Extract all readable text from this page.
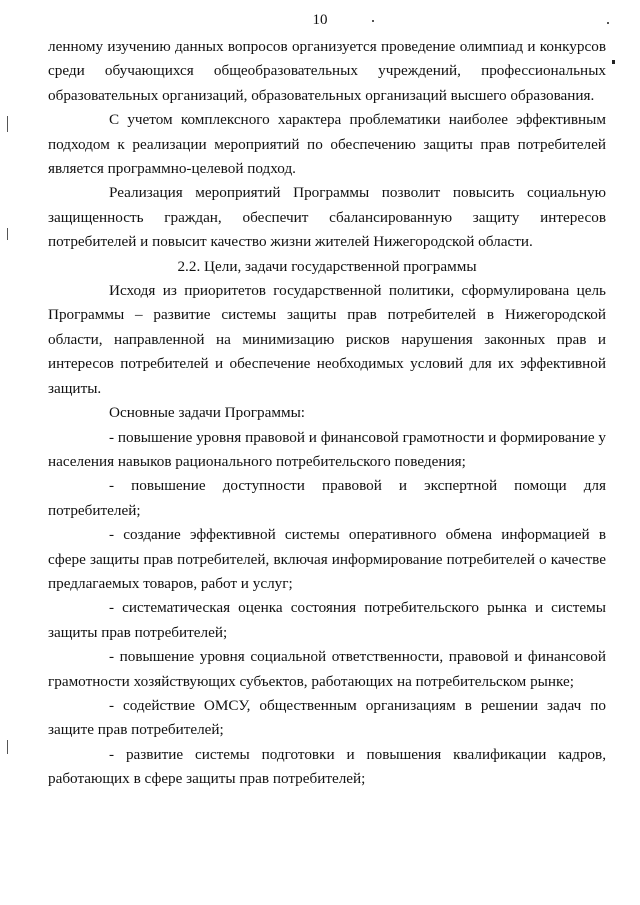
10

ленному изучению данных вопросов организуется проведение олимпиад и конкурсов среди обучающихся общеобразовательных учреждений, профессиональных образовательных организаций, образовательных организаций высшего образования.

С учетом комплексного характера проблематики наиболее эффективным подходом к реализации мероприятий по обеспечению защиты прав потребителей является программно-целевой подход.

Реализация мероприятий Программы позволит повысить социальную защищенность граждан, обеспечит сбалансированную защиту интересов потребителей и повысит качество жизни жителей Нижегородской области.

2.2. Цели, задачи государственной программы

Исходя из приоритетов государственной политики, сформулирована цель Программы – развитие системы защиты прав потребителей в Нижегородской области, направленной на минимизацию рисков нарушения законных прав и интересов потребителей и обеспечение необходимых условий для их эффективной защиты.

Основные задачи Программы:

- повышение уровня правовой и финансовой грамотности и формирование у населения навыков рационального потребительского поведения;

- повышение доступности правовой и экспертной помощи для потребителей;

- создание эффективной системы оперативного обмена информацией в сфере защиты прав потребителей, включая информирование потребителей о качестве предлагаемых товаров, работ и услуг;

- систематическая оценка состояния потребительского рынка и системы защиты прав потребителей;

- повышение уровня социальной ответственности, правовой и финансовой грамотности хозяйствующих субъектов, работающих на потребительском рынке;

- содействие ОМСУ, общественным организациям в решении задач по защите прав потребителей;

- развитие системы подготовки и повышения квалификации кадров, работающих в сфере защиты прав потребителей;
